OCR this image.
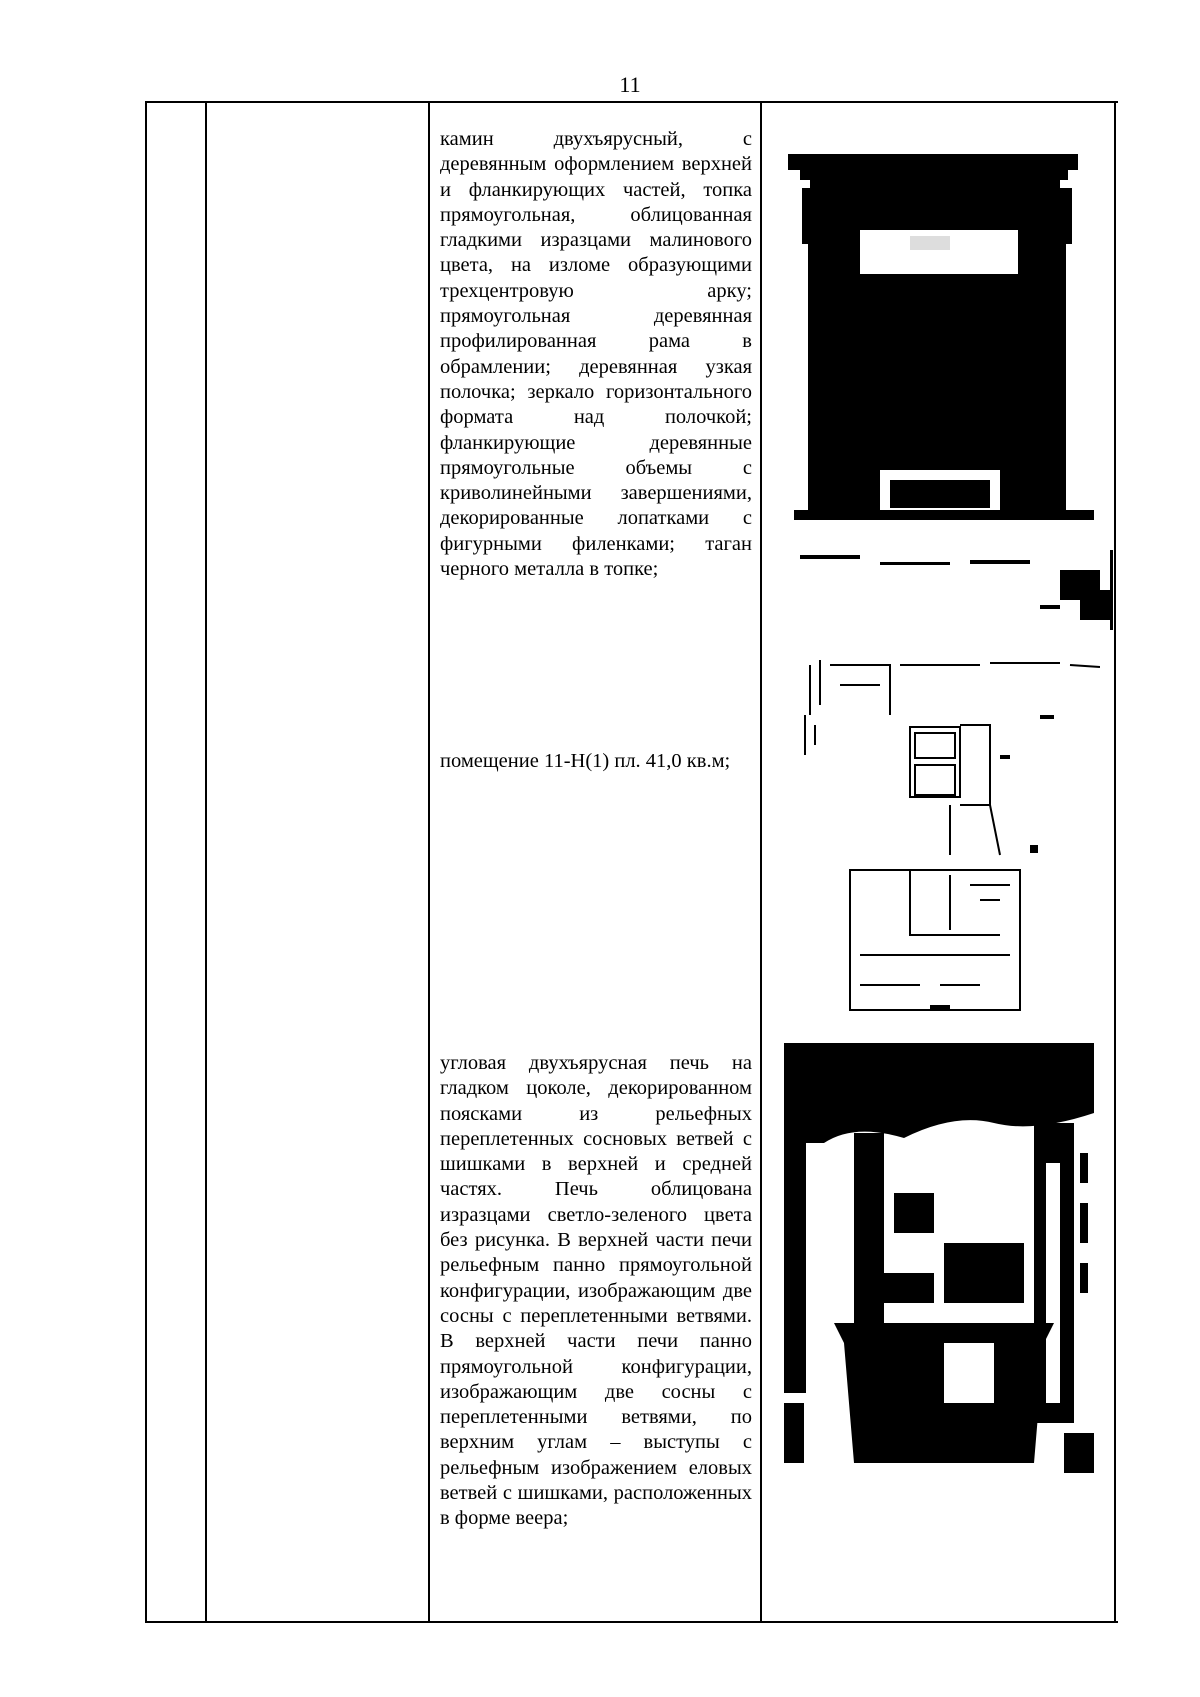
11

камин двухъярусный, с деревянным оформлением верхней и фланкирующих частей, топка прямоугольная, облицованная гладкими изразцами малинового цвета, на изломе образующими трехцентровую арку; прямоугольная деревянная профилированная рама в обрамлении; деревянная узкая полочка; зеркало горизонтального формата над полочкой; фланкирующие деревянные прямоугольные объемы с криволинейными завершениями, декорированные лопатками с фигурными филенками; таган черного металла в топке;

помещение 11-Н(1) пл. 41,0 кв.м;

угловая двухъярусная печь на гладком цоколе, декорированном поясками из рельефных переплетенных сосновых ветвей с шишками в верхней и средней частях. Печь облицована изразцами светло-зеленого цвета без рисунка. В верхней части печи рельефным панно прямоугольной конфигурации, изображающим две сосны с переплетенными ветвями. В верхней части печи панно прямоугольной конфигурации, изображающим две сосны с переплетенными ветвями, по верхним углам – выступы с рельефным изображением еловых ветвей с шишками, расположенных в форме веера;
